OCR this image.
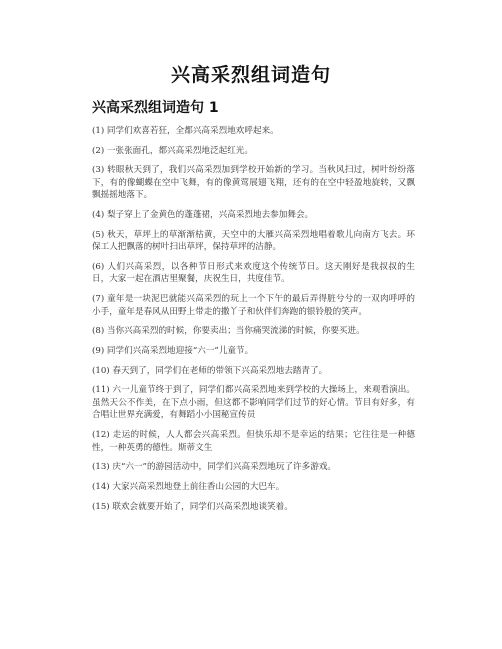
兴高采烈组词造句
兴高采烈组词造句 1
(1) 同学们欢喜若狂，全都兴高采烈地欢呼起来。
(2) 一张张面孔，都兴高采烈地泛起红光。
(3) 转眼秋天到了，我们兴高采烈加到学校开始新的学习。当秋风扫过，树叶纷纷落下，有的像蝴蝶在空中飞舞，有的像黄莺展翅飞翔，还有的在空中轻盈地旋转，又飘飘摇摇地落下。
(4) 梨子穿上了金黄色的蓬蓬裙，兴高采烈地去参加舞会。
(5) 秋天，草坪上的草渐渐枯黄，天空中的大雁兴高采烈地唱着歌儿向南方飞去。环保工人把飘落的树叶扫出草坪，保持草坪的洁静。
(6) 人们兴高采烈，以各种节日形式来欢度这个传统节日。这天刚好是我叔叔的生日，大家一起在酒店里聚餐，庆祝生日，共度佳节。
(7) 童年是一块泥巴就能兴高采烈的玩上一个下午的最后弄得脏兮兮的一双肉呼呼的小手，童年是春风从田野上带走的撒丫子和伙伴们奔跑的银铃般的笑声。
(8) 当你兴高采烈的时候，你要卖出；当你痛哭流涕的时候，你要买进。
(9) 同学们兴高采烈地迎接“六一”儿童节。
(10) 春天到了，同学们在老师的带领下兴高采烈地去踏青了。
(11) 六一儿童节终于到了，同学们都兴高采烈地来到学校的大操场上，来观看演出。虽然天公不作美，在下点小雨，但这都不影响同学们过节的好心情。节目有好多，有合唱让世界充满爱，有舞蹈小小国秘宣传员
(12) 走运的时候，人人都会兴高采烈。但快乐却不是幸运的结果；它往往是一种德性，一种英勇的德性。斯蒂文生
(13) 庆“六一”的游园活动中，同学们兴高采烈地玩了许多游戏。
(14) 大家兴高采烈地登上前往香山公园的大巴车。
(15) 联欢会就要开始了，同学们兴高采烈地谈笑着。
